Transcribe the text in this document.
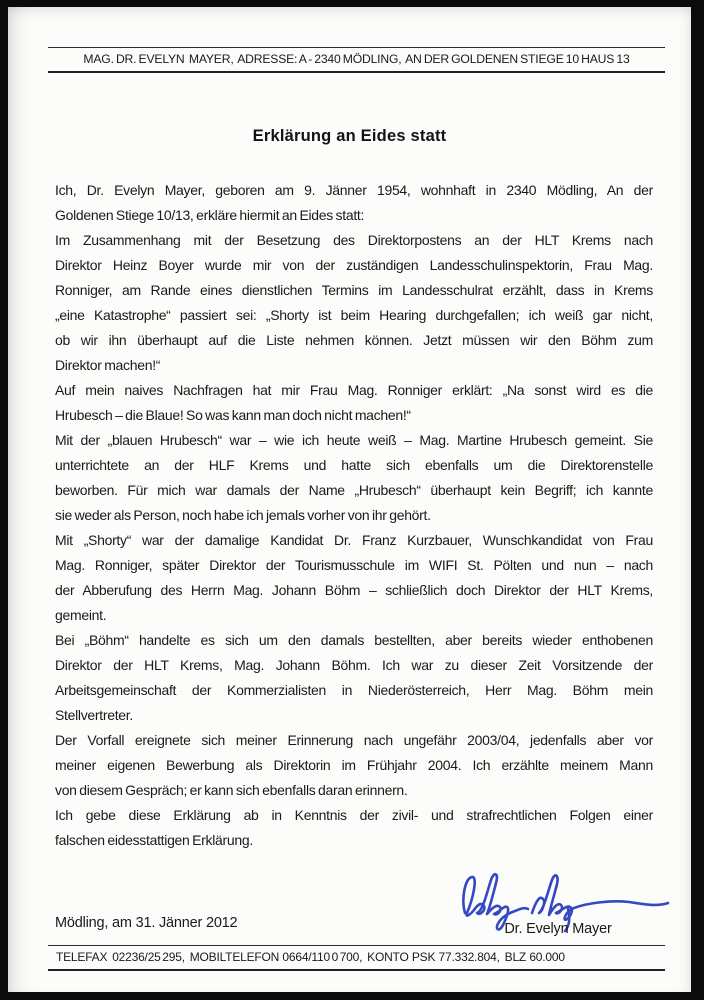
MAG. DR. EVELYN  MAYER,  ADRESSE: A - 2340 MÖDLING,  AN DER GOLDENEN STIEGE 10 HAUS 13
Erklärung an Eides statt
Ich, Dr. Evelyn Mayer, geboren am 9. Jänner 1954, wohnhaft in 2340 Mödling, An der
Goldenen Stiege 10/13, erkläre hiermit an Eides statt:
Im Zusammenhang mit der Besetzung des Direktorpostens an der HLT Krems nach
Direktor Heinz Boyer wurde mir von der zuständigen Landesschulinspektorin, Frau Mag.
Ronniger, am Rande eines dienstlichen Termins im Landesschulrat erzählt, dass in Krems
„eine Katastrophe“ passiert sei: „Shorty ist beim Hearing durchgefallen; ich weiß gar nicht,
ob wir ihn überhaupt auf die Liste nehmen können. Jetzt müssen wir den Böhm zum
Direktor machen!“
Auf mein naives Nachfragen hat mir Frau Mag. Ronniger erklärt: „Na sonst wird es die
Hrubesch – die Blaue! So was kann man doch nicht machen!“
Mit der „blauen Hrubesch“ war – wie ich heute weiß – Mag. Martine Hrubesch gemeint. Sie
unterrichtete an der HLF Krems und hatte sich ebenfalls um die Direktorenstelle
beworben. Für mich war damals der Name „Hrubesch“ überhaupt kein Begriff; ich kannte
sie weder als Person, noch habe ich jemals vorher von ihr gehört.
Mit „Shorty“ war der damalige Kandidat Dr. Franz Kurzbauer, Wunschkandidat von Frau
Mag. Ronniger, später Direktor der Tourismusschule im WIFI St. Pölten und nun – nach
der Abberufung des Herrn Mag. Johann Böhm – schließlich doch Direktor der HLT Krems,
gemeint.
Bei „Böhm“ handelte es sich um den damals bestellten, aber bereits wieder enthobenen
Direktor der HLT Krems, Mag. Johann Böhm. Ich war zu dieser Zeit Vorsitzende der
Arbeitsgemeinschaft der Kommerzialisten in Niederösterreich, Herr Mag. Böhm mein
Stellvertreter.
Der Vorfall ereignete sich meiner Erinnerung nach ungefähr 2003/04, jedenfalls aber vor
meiner eigenen Bewerbung als Direktorin im Frühjahr 2004. Ich erzählte meinem Mann
von diesem Gespräch; er kann sich ebenfalls daran erinnern.
Ich gebe diese Erklärung ab in Kenntnis der zivil- und strafrechtlichen Folgen einer
falschen eidesstattigen Erklärung.
Mödling, am 31. Jänner 2012	Dr. Evelyn Mayer
TELEFAX   02236/25 295,   MOBILTELEFON  0664/110 0 700,   KONTO  PSK  77.332.804,   BLZ  60.000
